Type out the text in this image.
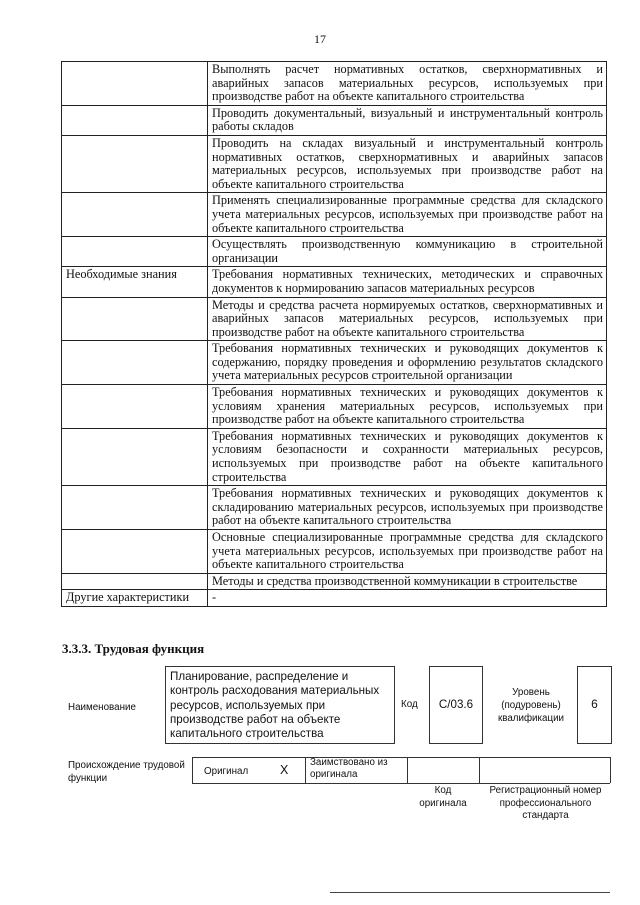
17
	Выполнять расчет нормативных остатков, сверхнормативных и аварийных запасов материальных ресурсов, используемых при производстве работ на объекте капитального строительства
	Проводить документальный, визуальный и инструментальный контроль работы складов
	Проводить на складах визуальный и инструментальный контроль нормативных остатков, сверхнормативных и аварийных запасов материальных ресурсов, используемых при производстве работ на объекте капитального строительства
	Применять специализированные программные средства для складского учета материальных ресурсов, используемых при производстве работ на объекте капитального строительства
	Осуществлять производственную коммуникацию в строительной организации
Необходимые знания	Требования нормативных технических, методических и справочных документов к нормированию запасов материальных ресурсов
	Методы и средства расчета нормируемых остатков, сверхнормативных и аварийных запасов материальных ресурсов, используемых при производстве работ на объекте капитального строительства
	Требования нормативных технических и руководящих документов к содержанию, порядку проведения и оформлению результатов складского учета материальных ресурсов строительной организации
	Требования нормативных технических и руководящих документов к условиям хранения материальных ресурсов, используемых при производстве работ на объекте капитального строительства
	Требования нормативных технических и руководящих документов к условиям безопасности и сохранности материальных ресурсов, используемых при производстве работ на объекте капитального строительства
	Требования нормативных технических и руководящих документов к складированию материальных ресурсов, используемых при производстве работ на объекте капитального строительства
	Основные специализированные программные средства для складского учета материальных ресурсов, используемых при производстве работ на объекте капитального строительства
	Методы и средства производственной коммуникации в строительстве
Другие характеристики	-
3.3.3. Трудовая функция
Наименование
Планирование, распределение и контроль расходования материальных ресурсов, используемых при производстве работ на объекте капитального строительства
Код	C/03.6
Уровень (подуровень) квалификации
6
Происхождение трудовой функции
Оригинал	X
Заимствовано из оригинала
Код оригинала
Регистрационный номер профессионального стандарта
